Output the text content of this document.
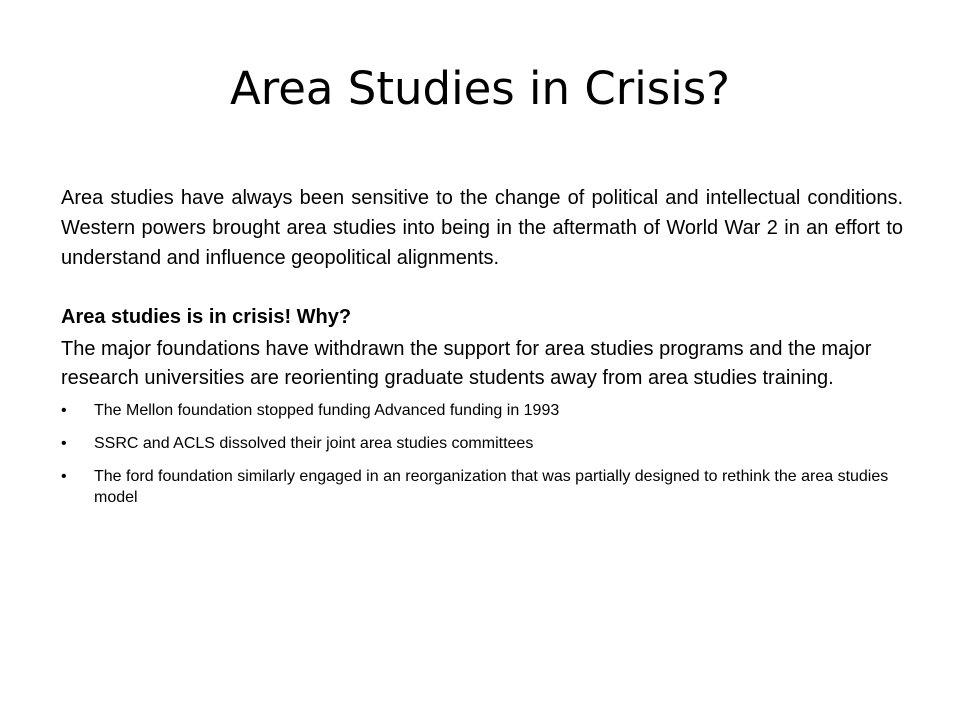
Area Studies in Crisis?

Area studies have always been sensitive to the change of political and intellectual conditions. Western powers brought area studies into being in the aftermath of World War 2 in an effort to understand and influence geopolitical alignments.

Area studies is in crisis! Why?

The major foundations have withdrawn the support for area studies programs and the major research universities are reorienting graduate students away from area studies training.

• The Mellon foundation stopped funding Advanced funding in 1993
• SSRC and ACLS dissolved their joint area studies committees
• The ford foundation similarly engaged in an reorganization that was partially designed to rethink the area studies model
